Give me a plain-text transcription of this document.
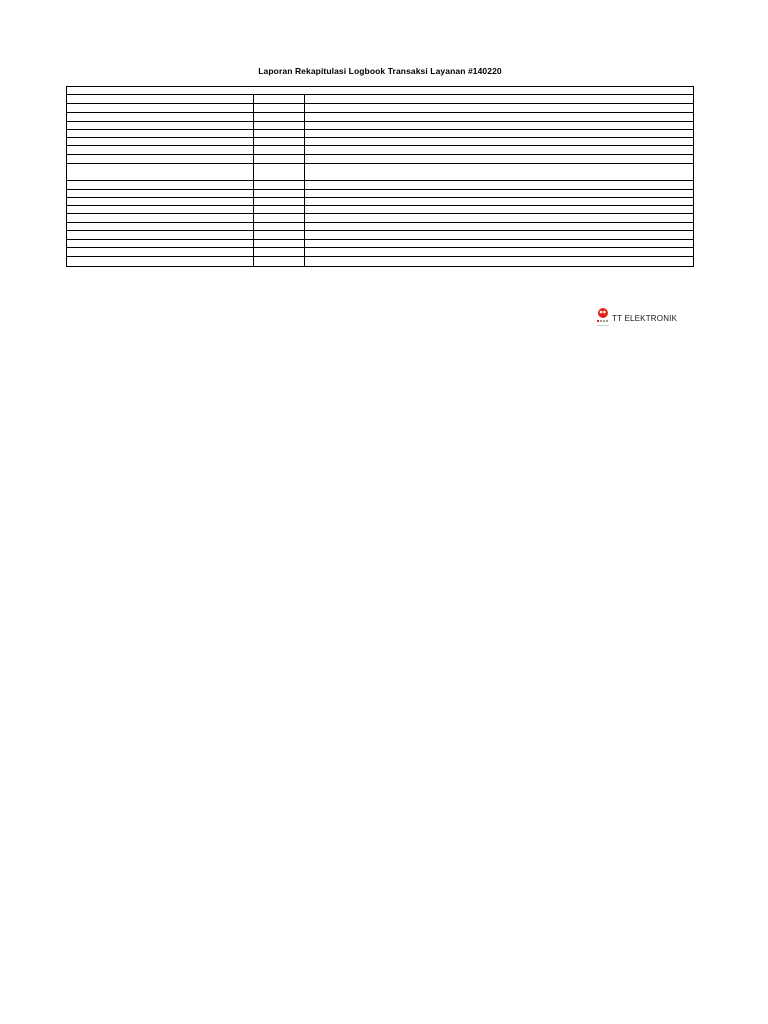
Laporan Rekapitulasi Logbook Transaksi Layanan #140220
TT ELEKTRONIK
